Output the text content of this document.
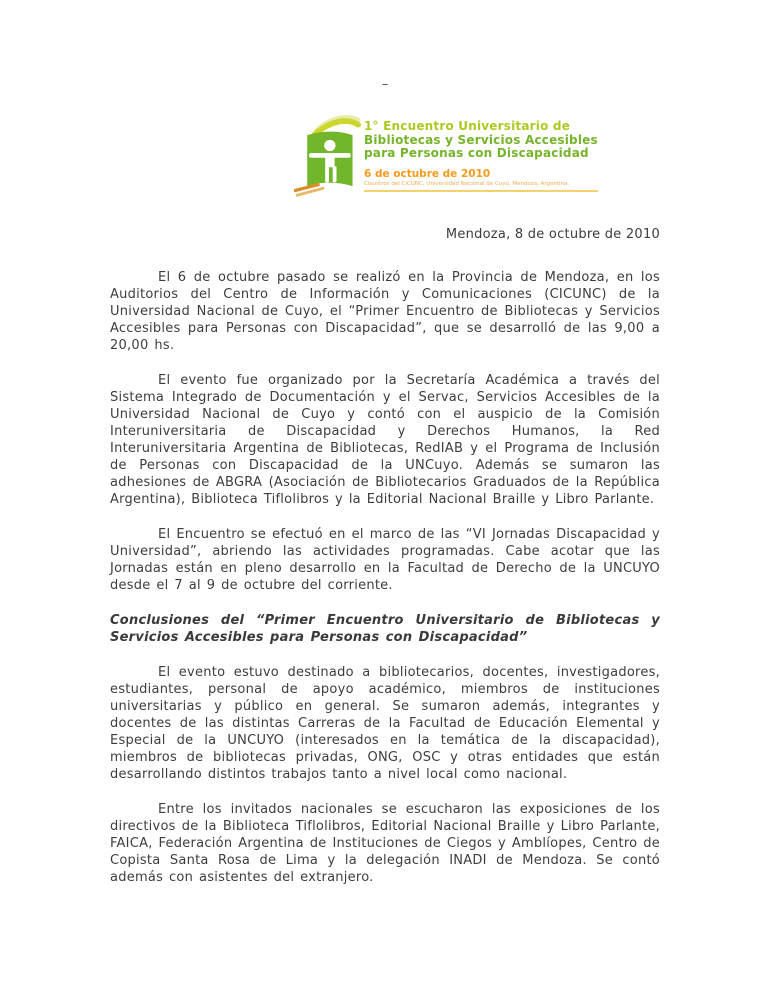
–
1° Encuentro Universitario de
Bibliotecas y Servicios Accesibles
para Personas con Discapacidad
6 de octubre de 2010
Claustros del CICUNC, Universidad Nacional de Cuyo, Mendoza, Argentina.

Mendoza, 8 de octubre de 2010

El 6 de octubre pasado se realizó en la Provincia de Mendoza, en los Auditorios del Centro de Información y Comunicaciones (CICUNC) de la Universidad Nacional de Cuyo, el “Primer Encuentro de Bibliotecas y Servicios Accesibles para Personas con Discapacidad”, que se desarrolló de las 9,00 a 20,00 hs.

El evento fue organizado por la Secretaría Académica a través del Sistema Integrado de Documentación y el Servac, Servicios Accesibles de la Universidad Nacional de Cuyo y contó con el auspicio de la Comisión Interuniversitaria de Discapacidad y Derechos Humanos, la Red Interuniversitaria Argentina de Bibliotecas, RedIAB y el Programa de Inclusión de Personas con Discapacidad de la UNCuyo. Además se sumaron las adhesiones de ABGRA (Asociación de Bibliotecarios Graduados de la República Argentina), Biblioteca Tiflolibros y la Editorial Nacional Braille y Libro Parlante.

El Encuentro se efectuó en el marco de las “VI Jornadas Discapacidad y Universidad”, abriendo las actividades programadas. Cabe acotar que las Jornadas están en pleno desarrollo en la Facultad de Derecho de la UNCUYO desde el 7 al 9 de octubre del corriente.

Conclusiones del “Primer Encuentro Universitario de Bibliotecas y Servicios Accesibles para Personas con Discapacidad”

El evento estuvo destinado a bibliotecarios, docentes, investigadores, estudiantes, personal de apoyo académico, miembros de instituciones universitarias y público en general. Se sumaron además, integrantes y docentes de las distintas Carreras de la Facultad de Educación Elemental y Especial de la UNCUYO (interesados en la temática de la discapacidad), miembros de bibliotecas privadas, ONG, OSC y otras entidades que están desarrollando distintos trabajos tanto a nivel local como nacional.

Entre los invitados nacionales se escucharon las exposiciones de los directivos de la Biblioteca Tiflolibros, Editorial Nacional Braille y Libro Parlante, FAICA, Federación Argentina de Instituciones de Ciegos y Amblíopes, Centro de Copista Santa Rosa de Lima y la delegación INADI de Mendoza. Se contó además con asistentes del extranjero.
